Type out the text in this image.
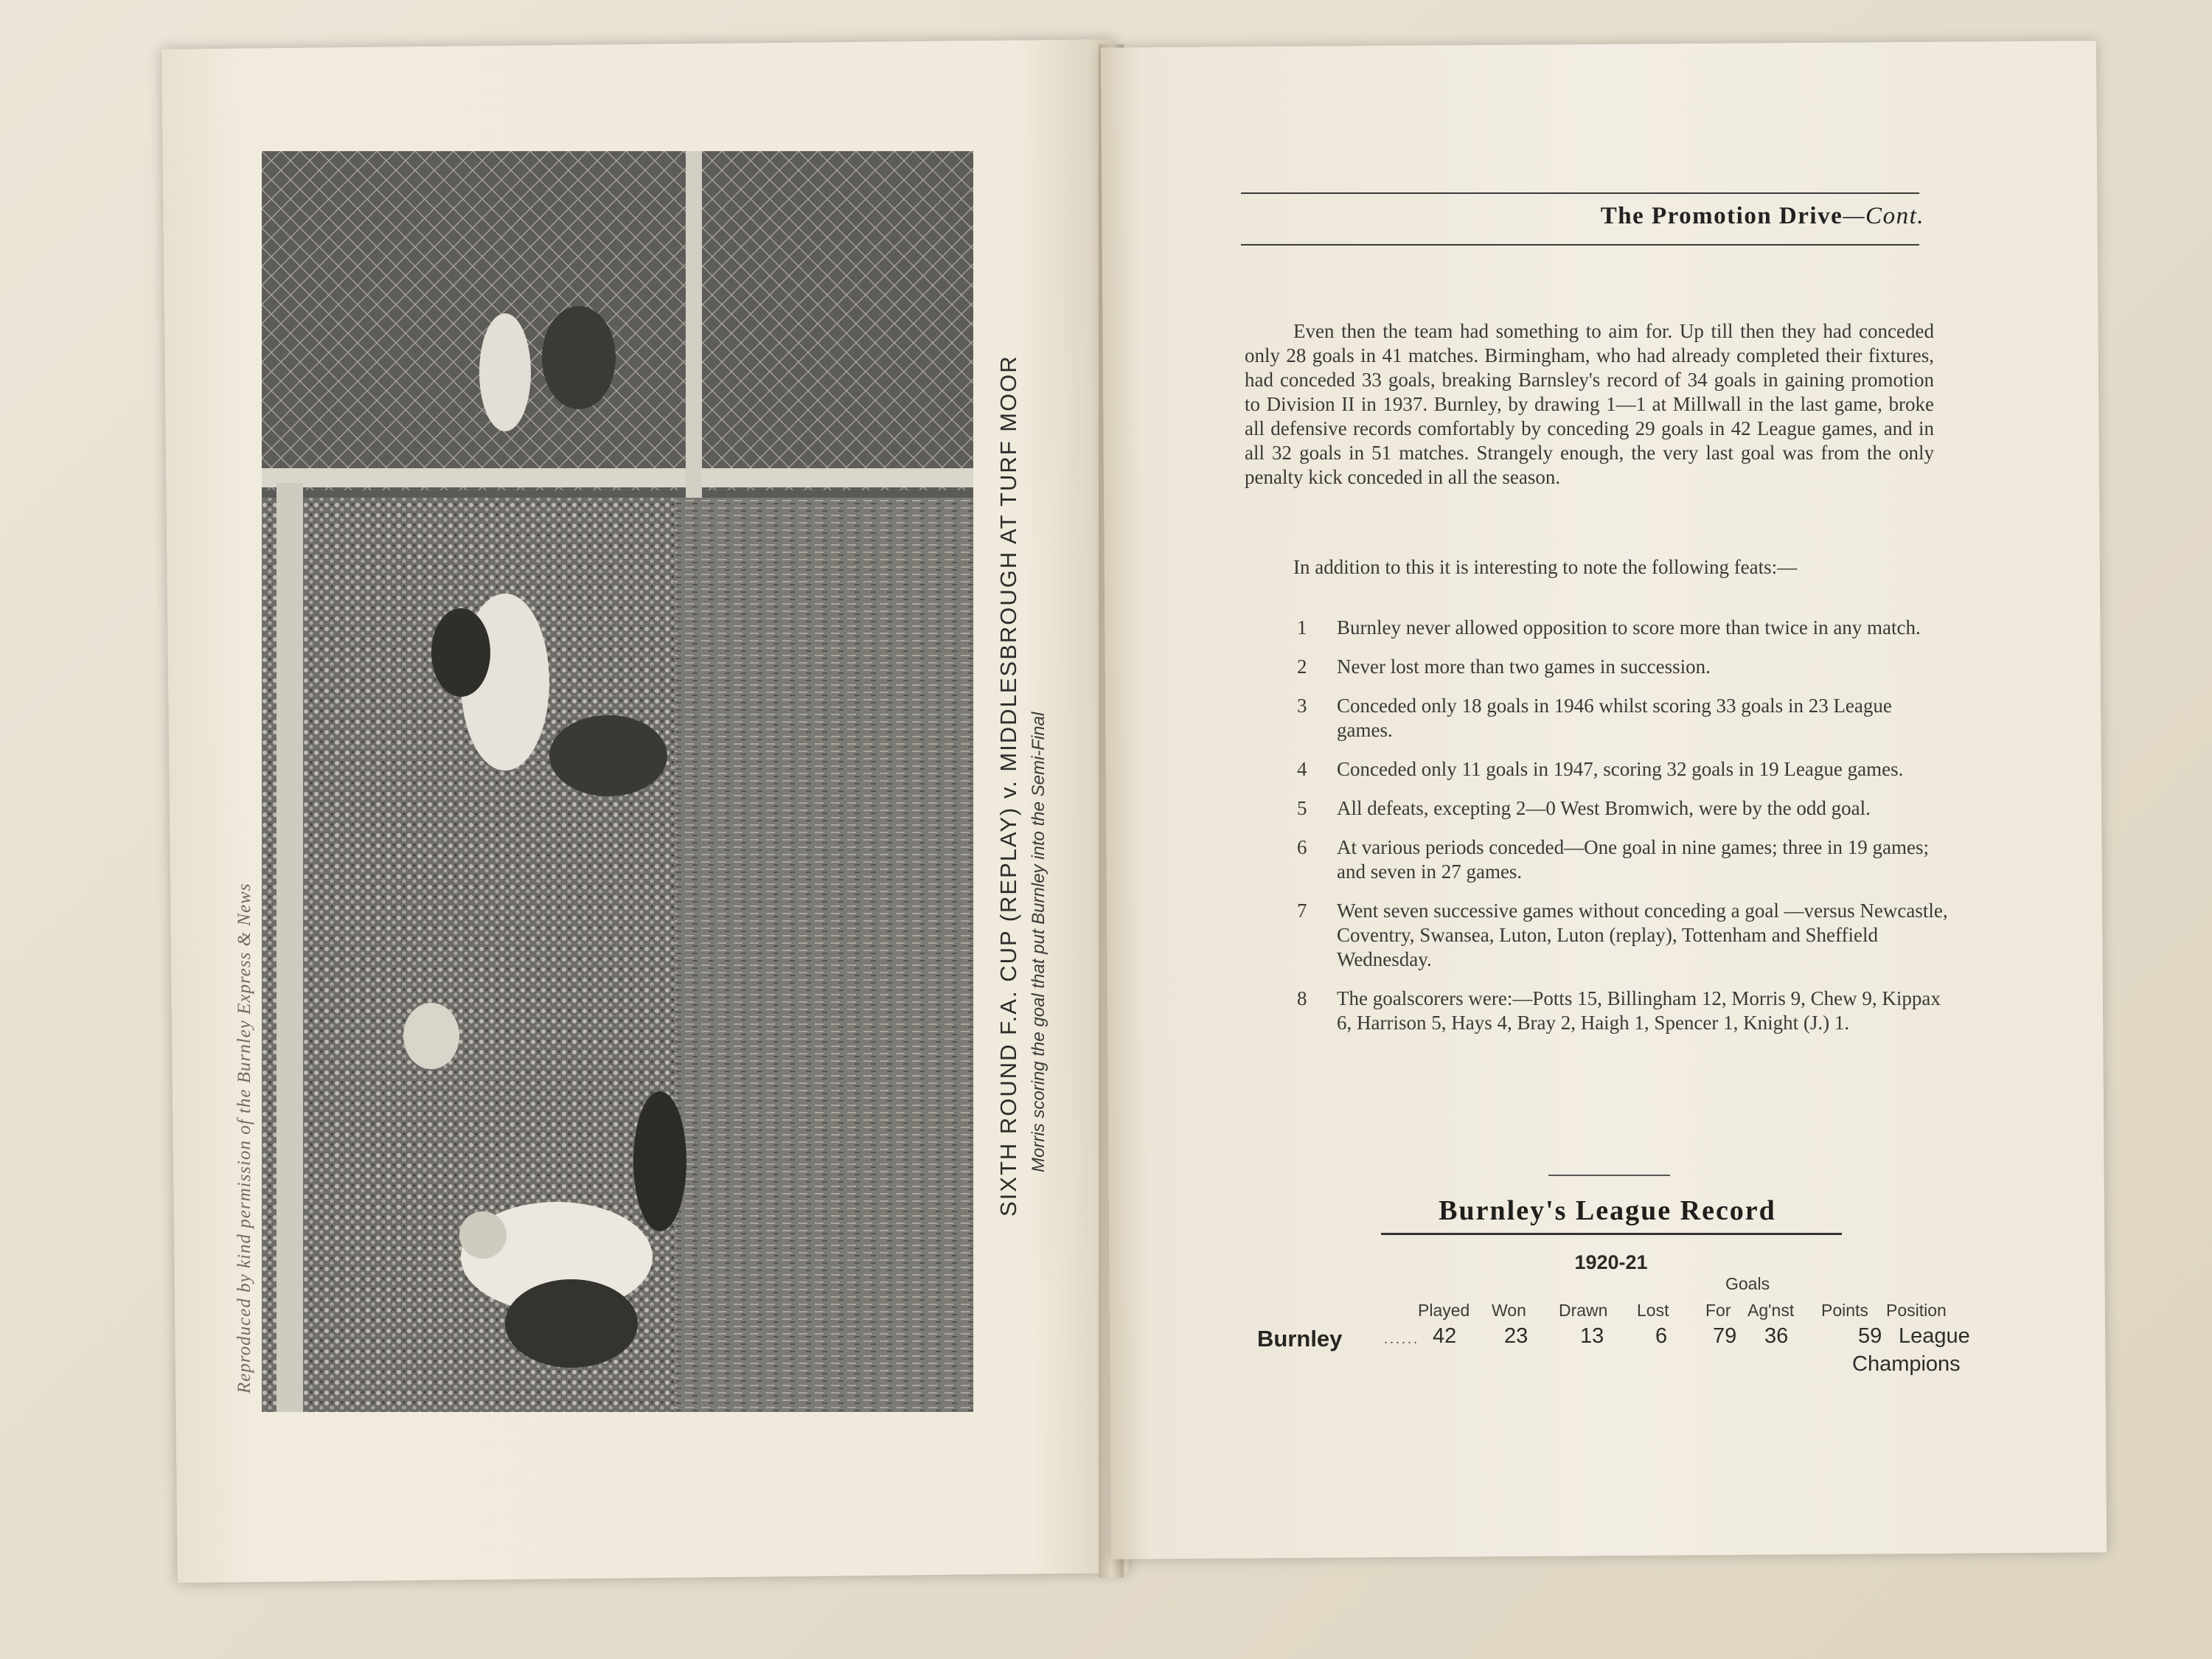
Reproduced by kind permission of the Burnley Express & News	SIXTH ROUND F.A. CUP (REPLAY) v. MIDDLESBROUGH AT TURF MOOR Morris scoring the goal that put Burnley into the Semi-Final
The Promotion Drive—Cont.
Even then the team had something to aim for. Up till then they had conceded only 28 goals in 41 matches. Birmingham, who had already completed their fixtures, had conceded 33 goals, breaking Barnsley's record of 34 goals in gaining promotion to Division II in 1937. Burnley, by drawing 1—1 at Millwall in the last game, broke all defensive records comfortably by conceding 29 goals in 42 League games, and in all 32 goals in 51 matches. Strangely enough, the very last goal was from the only penalty kick conceded in all the season.
In addition to this it is interesting to note the following feats:—
1 Burnley never allowed opposition to score more than twice in any match.
2 Never lost more than two games in succession.
3 Conceded only 18 goals in 1946 whilst scoring 33 goals in 23 League games.
4 Conceded only 11 goals in 1947, scoring 32 goals in 19 League games.
5 All defeats, excepting 2—0 West Bromwich, were by the odd goal.
6 At various periods conceded—One goal in nine games; three in 19 games; and seven in 27 games.
7 Went seven successive games without conceding a goal —versus Newcastle, Coventry, Swansea, Luton, Luton (replay), Tottenham and Sheffield Wednesday.
8 The goalscorers were:—Potts 15, Billingham 12, Morris 9, Chew 9, Kippax 6, Harrison 5, Hays 4, Bray 2, Haigh 1, Spencer 1, Knight (J.) 1.
Burnley's League Record
1920-21
Goals
Played Won Drawn Lost For Ag'nst Points Position
Burnley	...... 42 23 13 6 79 36	59 League
Champions
